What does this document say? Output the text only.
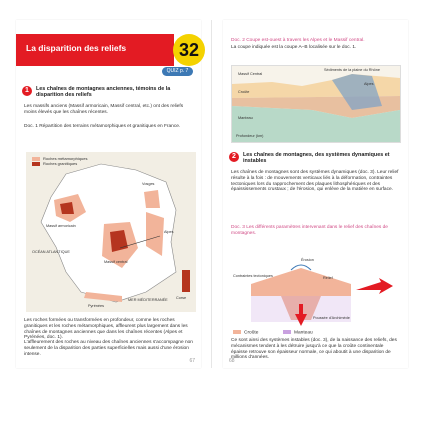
La disparition des reliefs	32
QUIZ p. 7
1	Les chaînes de montagnes anciennes, témoins de la disparition des reliefs
Les massifs anciens (Massif armoricain, Massif central, etc.) ont des reliefs moins élevés que les chaînes récentes.
Doc. 1 Répartition des terrains métamorphiques et granitiques en France.
Roches métamorphiques
Roches granitiques
Vosges
Massif armoricain
OCÉAN ATLANTIQUE
Massif central
Pyrénées
Alpes
MER MÉDITERRANÉE Corse
Les roches formées ou transformées en profondeur, comme les roches granitiques et les roches métamorphiques, affleurent plus largement dans les chaînes de montagnes anciennes que dans les chaînes récentes (Alpes et Pyrénées, doc. 1).
L'affleurement des roches au niveau des chaînes anciennes s'accompagne non seulement de la disparition des parties superficielles mais aussi d'une érosion intense.
67
Doc. 2 Coupe est-ouest à travers les Alpes et le Massif central.
La coupe indiquée est la coupe A–B localisée sur le doc. 1.
Massif Central
Sédiments de la plaine du Rhône
Alpes
Manteau
Croûte
Profondeur (km)
2	Les chaînes de montagnes, des systèmes dynamiques et instables
Les chaînes de montagnes sont des systèmes dynamiques (doc. 3). Leur relief résulte à la fois : de mouvements verticaux liés à la déformation, contraintes tectoniques lors du rapprochement des plaques lithosphériques et des épaississements crustaux ; de l'érosion, qui enlève de la matière en surface.
Doc. 3 Les différents paramètres intervenant dans le relief des chaînes de montagnes.
Érosion
Contraintes tectoniques	Relief
Poussée d'Archimède
Croûte	Manteau
Ce sont ainsi des systèmes instables (doc. 3), de la naissance des reliefs, des mécanismes tendent à les détruire jusqu'à ce que la croûte continentale épaisse retrouve son épaisseur normale, ce qui aboutit à une disparition de millions d'années.
68
